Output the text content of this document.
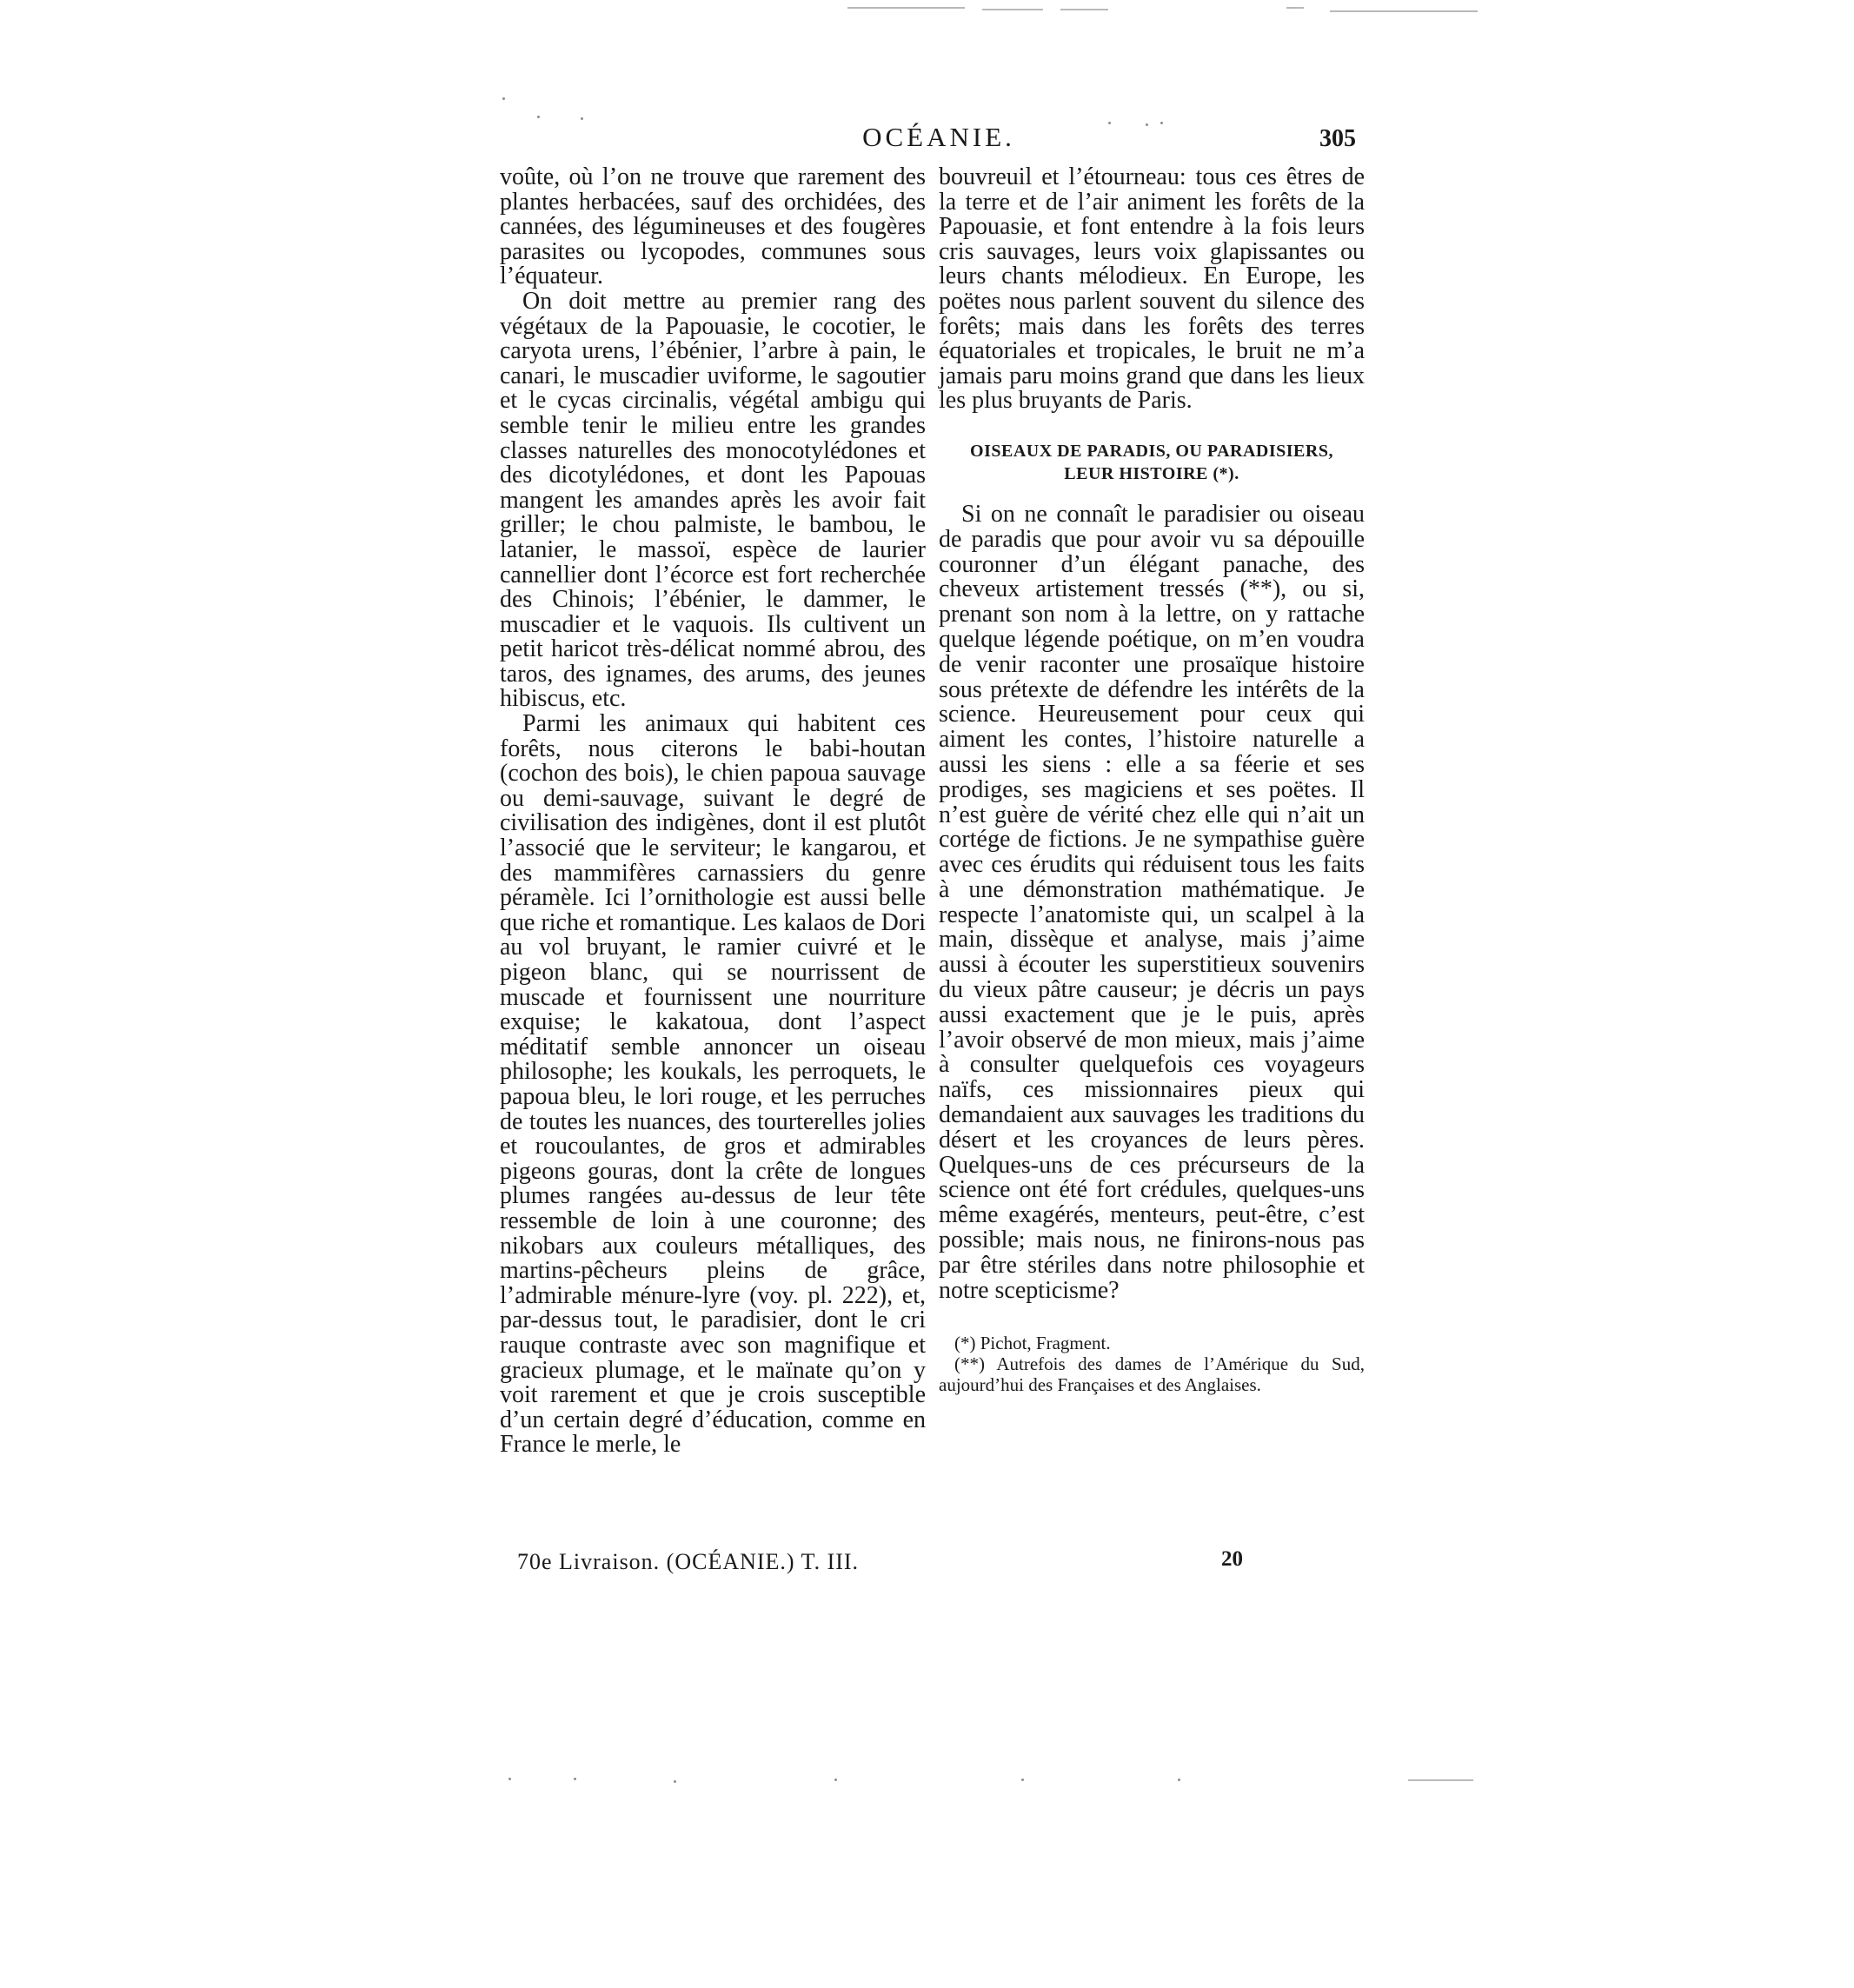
OCÉANIE.	305

voûte, où l’on ne trouve que rarement des plantes herbacées, sauf des orchidées, des cannées, des légumineuses et des fougères parasites ou lycopodes, communes sous l’équateur.

On doit mettre au premier rang des végétaux de la Papouasie, le cocotier, le caryota urens, l’ébénier, l’arbre à pain, le canari, le muscadier uviforme, le sagoutier et le cycas circinalis, végétal ambigu qui semble tenir le milieu entre les grandes classes naturelles des monocotylédones et des dicotylédones, et dont les Papouas mangent les amandes après les avoir fait griller; le chou palmiste, le bambou, le latanier, le massoï, espèce de laurier cannellier dont l’écorce est fort recherchée des Chinois; l’ébénier, le dammer, le muscadier et le vaquois. Ils cultivent un petit haricot très-délicat nommé abrou, des taros, des ignames, des arums, des jeunes hibiscus, etc.

Parmi les animaux qui habitent ces forêts, nous citerons le babi-houtan (cochon des bois), le chien papoua sauvage ou demi-sauvage, suivant le degré de civilisation des indigènes, dont il est plutôt l’associé que le serviteur; le kangarou, et des mammifères carnassiers du genre péramèle. Ici l’ornithologie est aussi belle que riche et romantique. Les kalaos de Dori au vol bruyant, le ramier cuivré et le pigeon blanc, qui se nourrissent de muscade et fournissent une nourriture exquise; le kakatoua, dont l’aspect méditatif semble annoncer un oiseau philosophe; les koukals, les perroquets, le papoua bleu, le lori rouge, et les perruches de toutes les nuances, des tourterelles jolies et roucoulantes, de gros et admirables pigeons gouras, dont la crête de longues plumes rangées au-dessus de leur tête ressemble de loin à une couronne; des nikobars aux couleurs métalliques, des martins-pêcheurs pleins de grâce, l’admirable ménure-lyre (voy. pl. 222), et, par-dessus tout, le paradisier, dont le cri rauque contraste avec son magnifique et gracieux plumage, et le maïnate qu’on y voit rarement et que je crois susceptible d’un certain degré d’éducation, comme en France le merle, le

bouvreuil et l’étourneau: tous ces êtres de la terre et de l’air animent les forêts de la Papouasie, et font entendre à la fois leurs cris sauvages, leurs voix glapissantes ou leurs chants mélodieux. En Europe, les poëtes nous parlent souvent du silence des forêts; mais dans les forêts des terres équatoriales et tropicales, le bruit ne m’a jamais paru moins grand que dans les lieux les plus bruyants de Paris.

OISEAUX DE PARADIS, OU PARADISIERS,
LEUR HISTOIRE (*).

Si on ne connaît le paradisier ou oiseau de paradis que pour avoir vu sa dépouille couronner d’un élégant panache, des cheveux artistement tressés (**), ou si, prenant son nom à la lettre, on y rattache quelque légende poétique, on m’en voudra de venir raconter une prosaïque histoire sous prétexte de défendre les intérêts de la science. Heureusement pour ceux qui aiment les contes, l’histoire naturelle a aussi les siens : elle a sa féerie et ses prodiges, ses magiciens et ses poëtes. Il n’est guère de vérité chez elle qui n’ait un cortége de fictions. Je ne sympathise guère avec ces érudits qui réduisent tous les faits à une démonstration mathématique. Je respecte l’anatomiste qui, un scalpel à la main, dissèque et analyse, mais j’aime aussi à écouter les superstitieux souvenirs du vieux pâtre causeur; je décris un pays aussi exactement que je le puis, après l’avoir observé de mon mieux, mais j’aime à consulter quelquefois ces voyageurs naïfs, ces missionnaires pieux qui demandaient aux sauvages les traditions du désert et les croyances de leurs pères. Quelques-uns de ces précurseurs de la science ont été fort crédules, quelques-uns même exagérés, menteurs, peut-être, c’est possible; mais nous, ne finirons-nous pas par être stériles dans notre philosophie et notre scepticisme?

(*) Pichot, Fragment.

(**) Autrefois des dames de l’Amérique du Sud, aujourd’hui des Françaises et des Anglaises.

70e Livraison. (OCÉANIE.) T. III.	20
